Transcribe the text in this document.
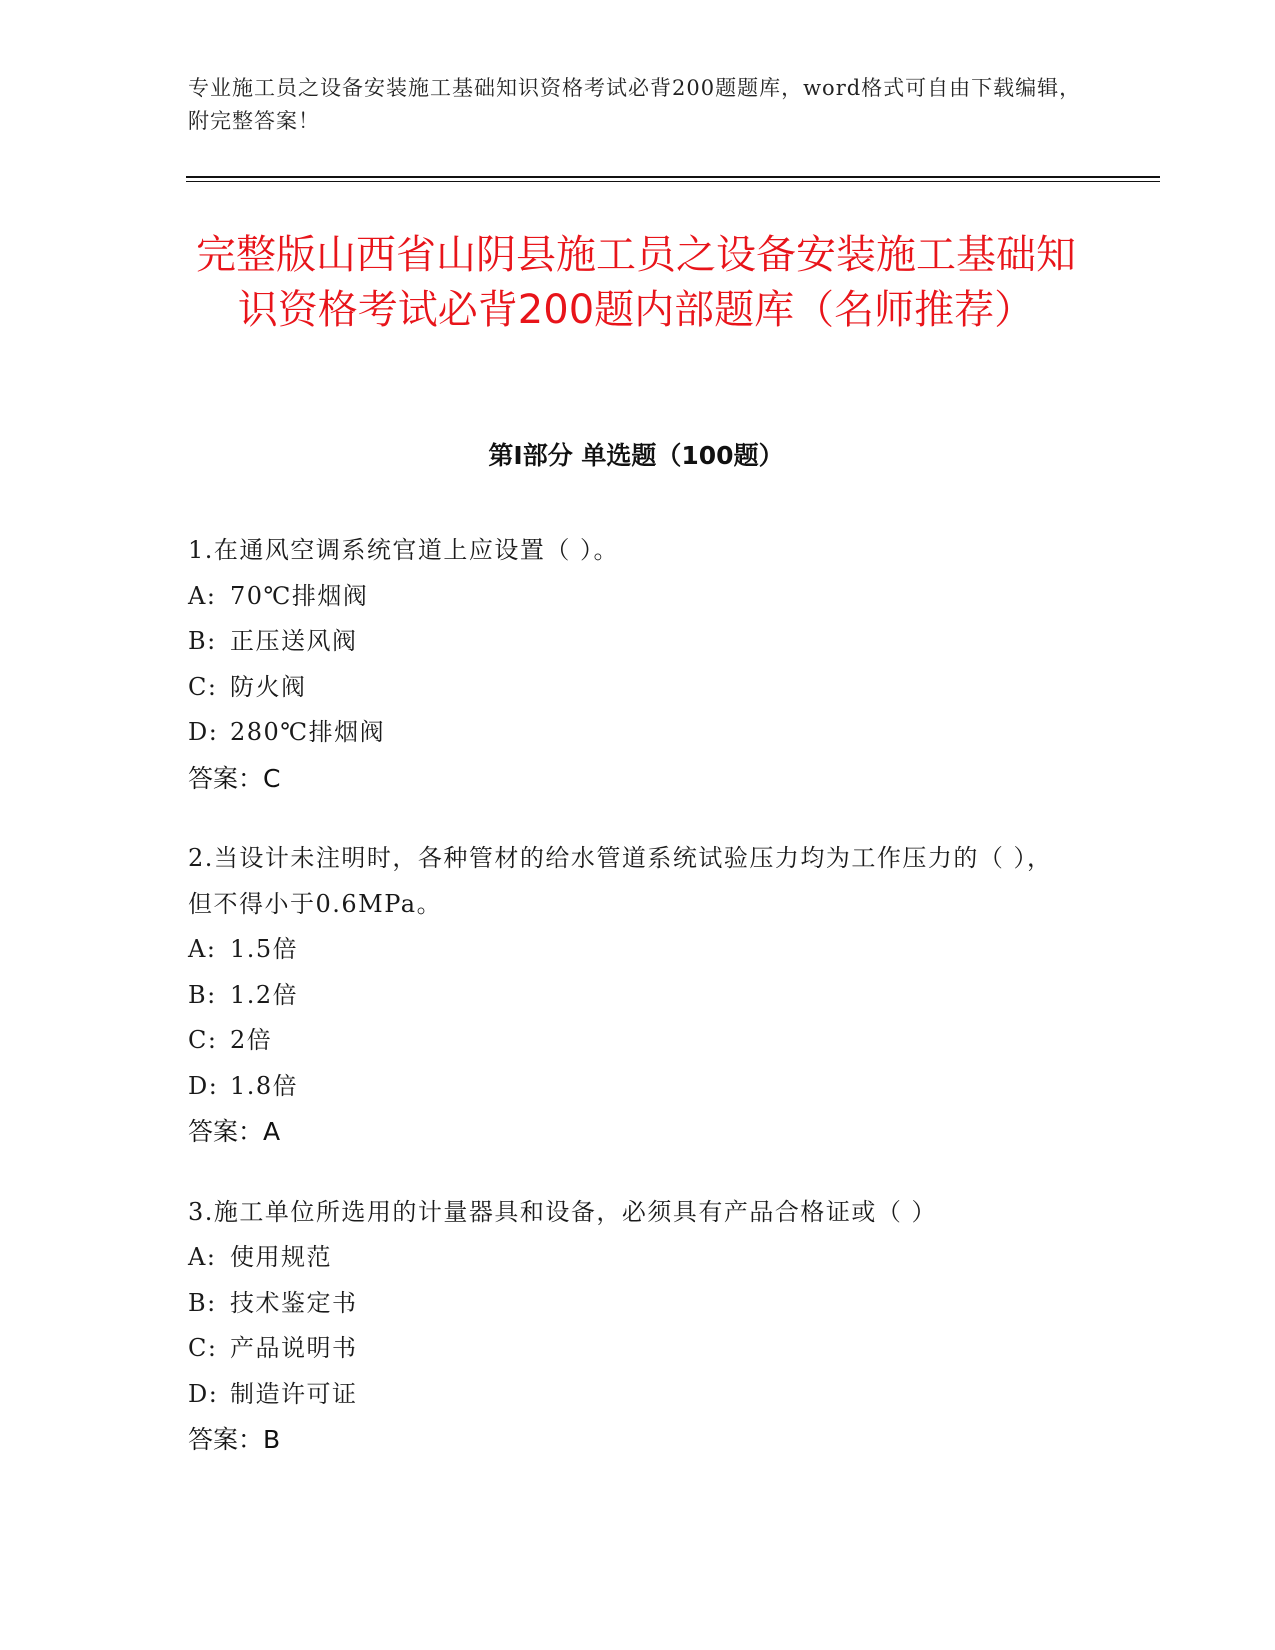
专业施工员之设备安装施工基础知识资格考试必背200题题库，word格式可自由下载编辑，附完整答案！
完整版山西省山阴县施工员之设备安装施工基础知识资格考试必背200题内部题库（名师推荐）
第I部分 单选题（100题）
1.在通风空调系统官道上应设置（ ）。
A: 70℃排烟阀
B: 正压送风阀
C: 防火阀
D: 280℃排烟阀
答案：C
2.当设计未注明时，各种管材的给水管道系统试验压力均为工作压力的（ ），但不得小于0.6MPa。
A: 1.5倍
B: 1.2倍
C: 2倍
D: 1.8倍
答案：A
3.施工单位所选用的计量器具和设备，必须具有产品合格证或（ ）
A: 使用规范
B: 技术鉴定书
C: 产品说明书
D: 制造许可证
答案：B
